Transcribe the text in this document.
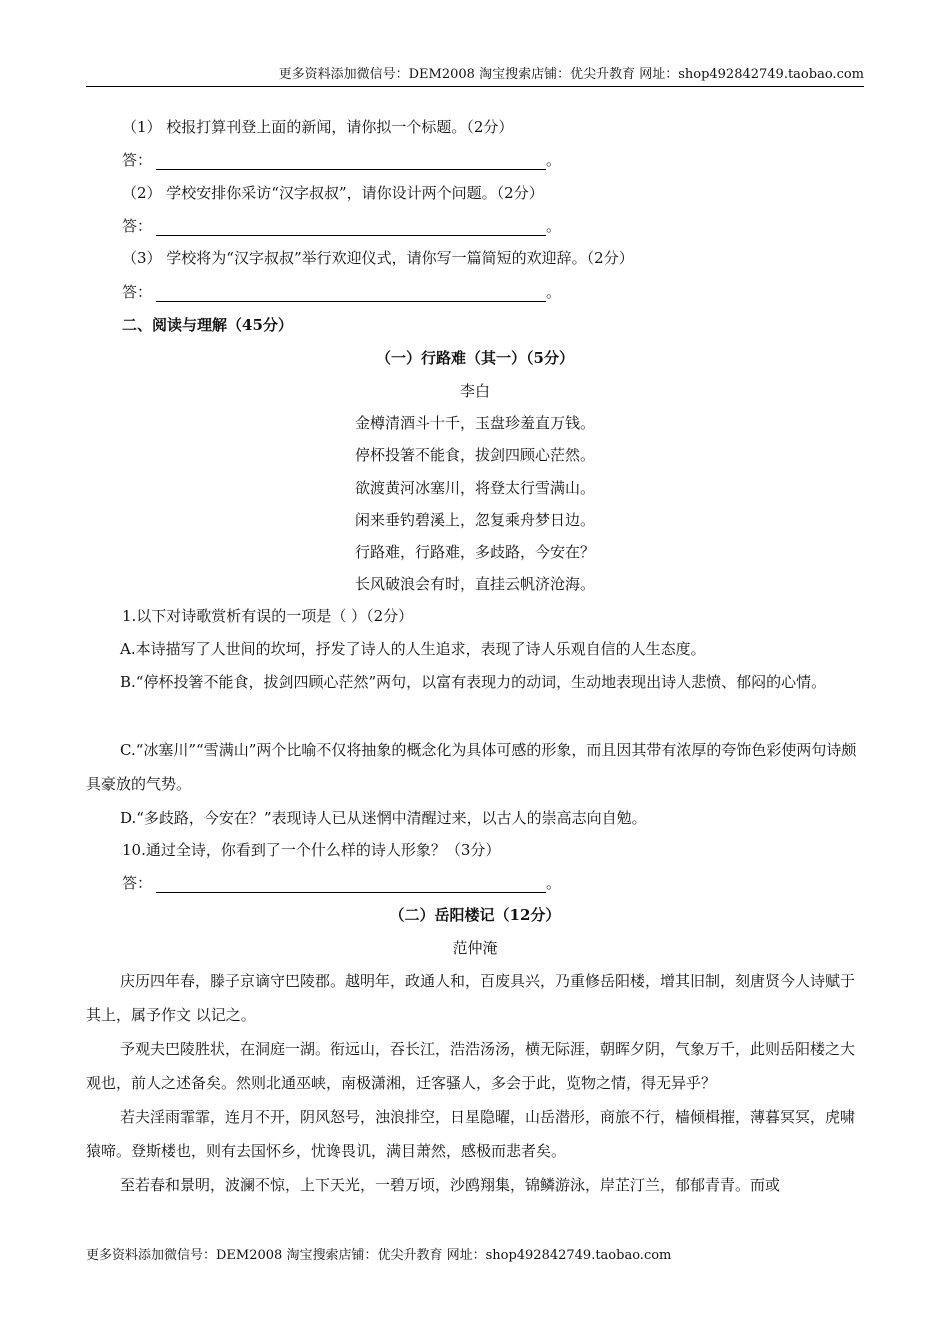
更多资料添加微信号：DEM2008 淘宝搜索店铺：优尖升教育 网址：shop492842749.taobao.com
（1） 校报打算刊登上面的新闻，请你拟一个标题。（2分）
答：	。
（2） 学校安排你采访“汉字叔叔”，请你设计两个问题。（2分）
答：	。
（3） 学校将为“汉字叔叔”举行欢迎仪式，请你写一篇简短的欢迎辞。（2分）
答：	。
二、阅读与理解（45分）
（一）行路难（其一）（5分）
李白
金樽清酒斗十千，玉盘珍羞直万钱。
停杯投箸不能食，拔剑四顾心茫然。
欲渡黄河冰塞川，将登太行雪满山。
闲来垂钓碧溪上，忽复乘舟梦日边。
行路难，行路难，多歧路，今安在？
长风破浪会有时，直挂云帆济沧海。
1.以下对诗歌赏析有误的一项是（ ）（2分）
A.本诗描写了人世间的坎坷，抒发了诗人的人生追求，表现了诗人乐观自信的人生态度。
B.“停杯投箸不能食，拔剑四顾心茫然”两句，以富有表现力的动词，生动地表现出诗人悲愤、郁闷的心情。
C.“冰塞川”“雪满山”两个比喻不仅将抽象的概念化为具体可感的形象，而且因其带有浓厚的夸饰色彩使两句诗颇具豪放的气势。
D.“多歧路，今安在？”表现诗人已从迷惘中清醒过来，以古人的崇高志向自勉。
10.通过全诗，你看到了一个什么样的诗人形象？（3分）
答：	。
（二）岳阳楼记（12分）
范仲淹
庆历四年春，滕子京谪守巴陵郡。越明年，政通人和，百废具兴，乃重修岳阳楼，增其旧制，刻唐贤今人诗赋于其上，属予作文 以记之。
予观夫巴陵胜状，在洞庭一湖。衔远山，吞长江，浩浩汤汤，横无际涯，朝晖夕阴，气象万千，此则岳阳楼之大观也，前人之述备矣。然则北通巫峡，南极潇湘，迁客骚人，多会于此，览物之情，得无异乎？
若夫淫雨霏霏，连月不开，阴风怒号，浊浪排空，日星隐曜，山岳潜形，商旅不行，樯倾楫摧，薄暮冥冥，虎啸猿啼。登斯楼也，则有去国怀乡，忧谗畏讥，满目萧然，感极而悲者矣。
至若春和景明，波澜不惊，上下天光，一碧万顷，沙鸥翔集，锦鳞游泳，岸芷汀兰，郁郁青青。而或
更多资料添加微信号：DEM2008 淘宝搜索店铺：优尖升教育 网址：shop492842749.taobao.com
